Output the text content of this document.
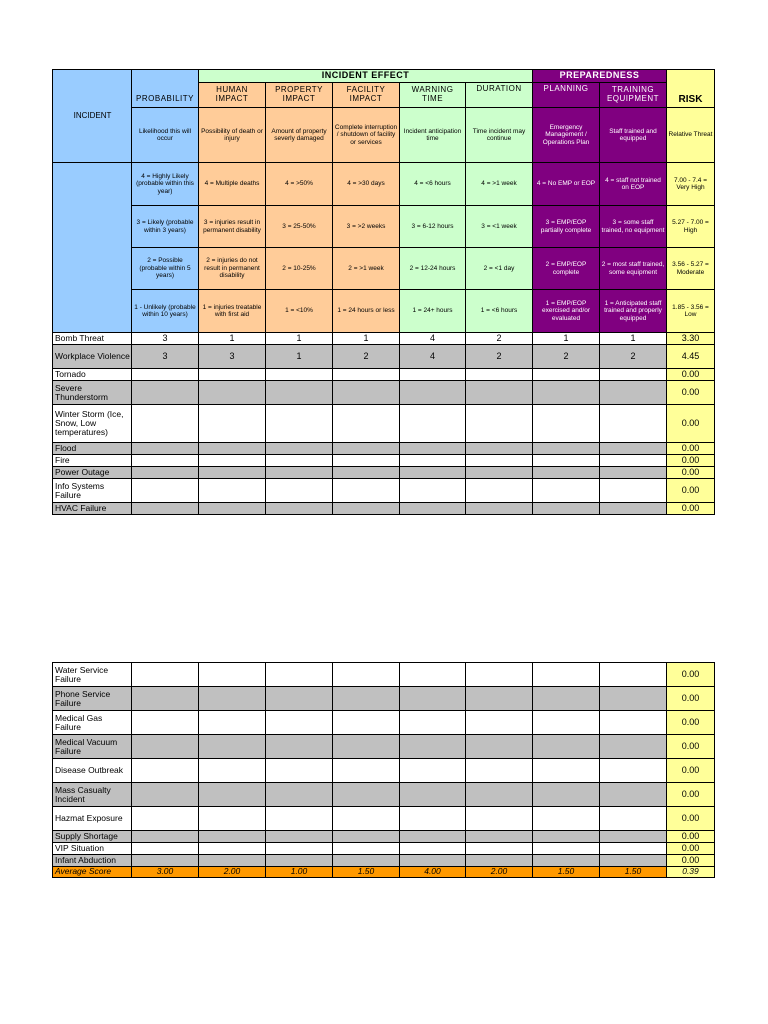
INCIDENT	PROBABILITY	INCIDENT EFFECT					PREPAREDNESS		RISK
		HUMAN IMPACT	PROPERTY IMPACT	FACILITY IMPACT	WARNING TIME	DURATION	PLANNING	TRAINING EQUIPMENT	
	Likelihood this will occur	Possibility of death or injury	Amount of property severly damaged	Complete interruption / shutdown of facility or services	Incident anticipation time	Time incident may continue	Emergency Management / Operations Plan	Staff trained and equipped	Relative Threat
	4 = Highly Likely (probable within this year)	4 = Multiple deaths	4 = >50%	4 = >30 days	4 = <6 hours	4 = >1 week	4 = No EMP or EOP	4 = staff not trained on EOP	7.00 - 7.4 = Very High
	3 = Likely (probable within 3 years)	3 = injuries result in permanent disability	3 = 25-50%	3 = >2 weeks	3 = 6-12 hours	3 = <1 week	3 = EMP/EOP partially complete	3 = some staff trained, no equipment	5.27 - 7.00 = High
	2 = Possible (probable within 5 years)	2 = injuries do not result in permanent disability	2 = 10-25%	2 = >1 week	2 = 12-24 hours	2 = <1 day	2 = EMP/EOP complete	2 = most staff trained, some equipment	3.56 - 5.27 = Moderate
	1 - Unlikely (probable within 10 years)	1 = injuries treatable with first aid	1 = <10%	1 = 24 hours or less	1 = 24+ hours	1 = <6 hours	1 = EMP/EOP exercised and/or evaluated	1 = Anticipated staff trained and properly equipped	1.85 - 3.56 = Low
Bomb Threat	3	1	1	1	4	2	1	1	3.30
Workplace Violence	3	3	1	2	4	2	2	2	4.45
Tornado									0.00
Severe Thunderstorm									0.00
Winter Storm (Ice, Snow, Low temperatures)									0.00
Flood									0.00
Fire									0.00
Power Outage									0.00
Info Systems Failure									0.00
HVAC Failure									0.00
Water Service Failure									0.00
Phone Service Failure									0.00
Medical Gas Failure									0.00
Medical Vacuum Failure									0.00
Disease Outbreak									0.00
Mass Casualty Incident									0.00
Hazmat Exposure									0.00
Supply Shortage									0.00
VIP Situation									0.00
Infant Abduction									0.00
Average Score	3.00	2.00	1.00	1.50	4.00	2.00	1.50	1.50	0.39
